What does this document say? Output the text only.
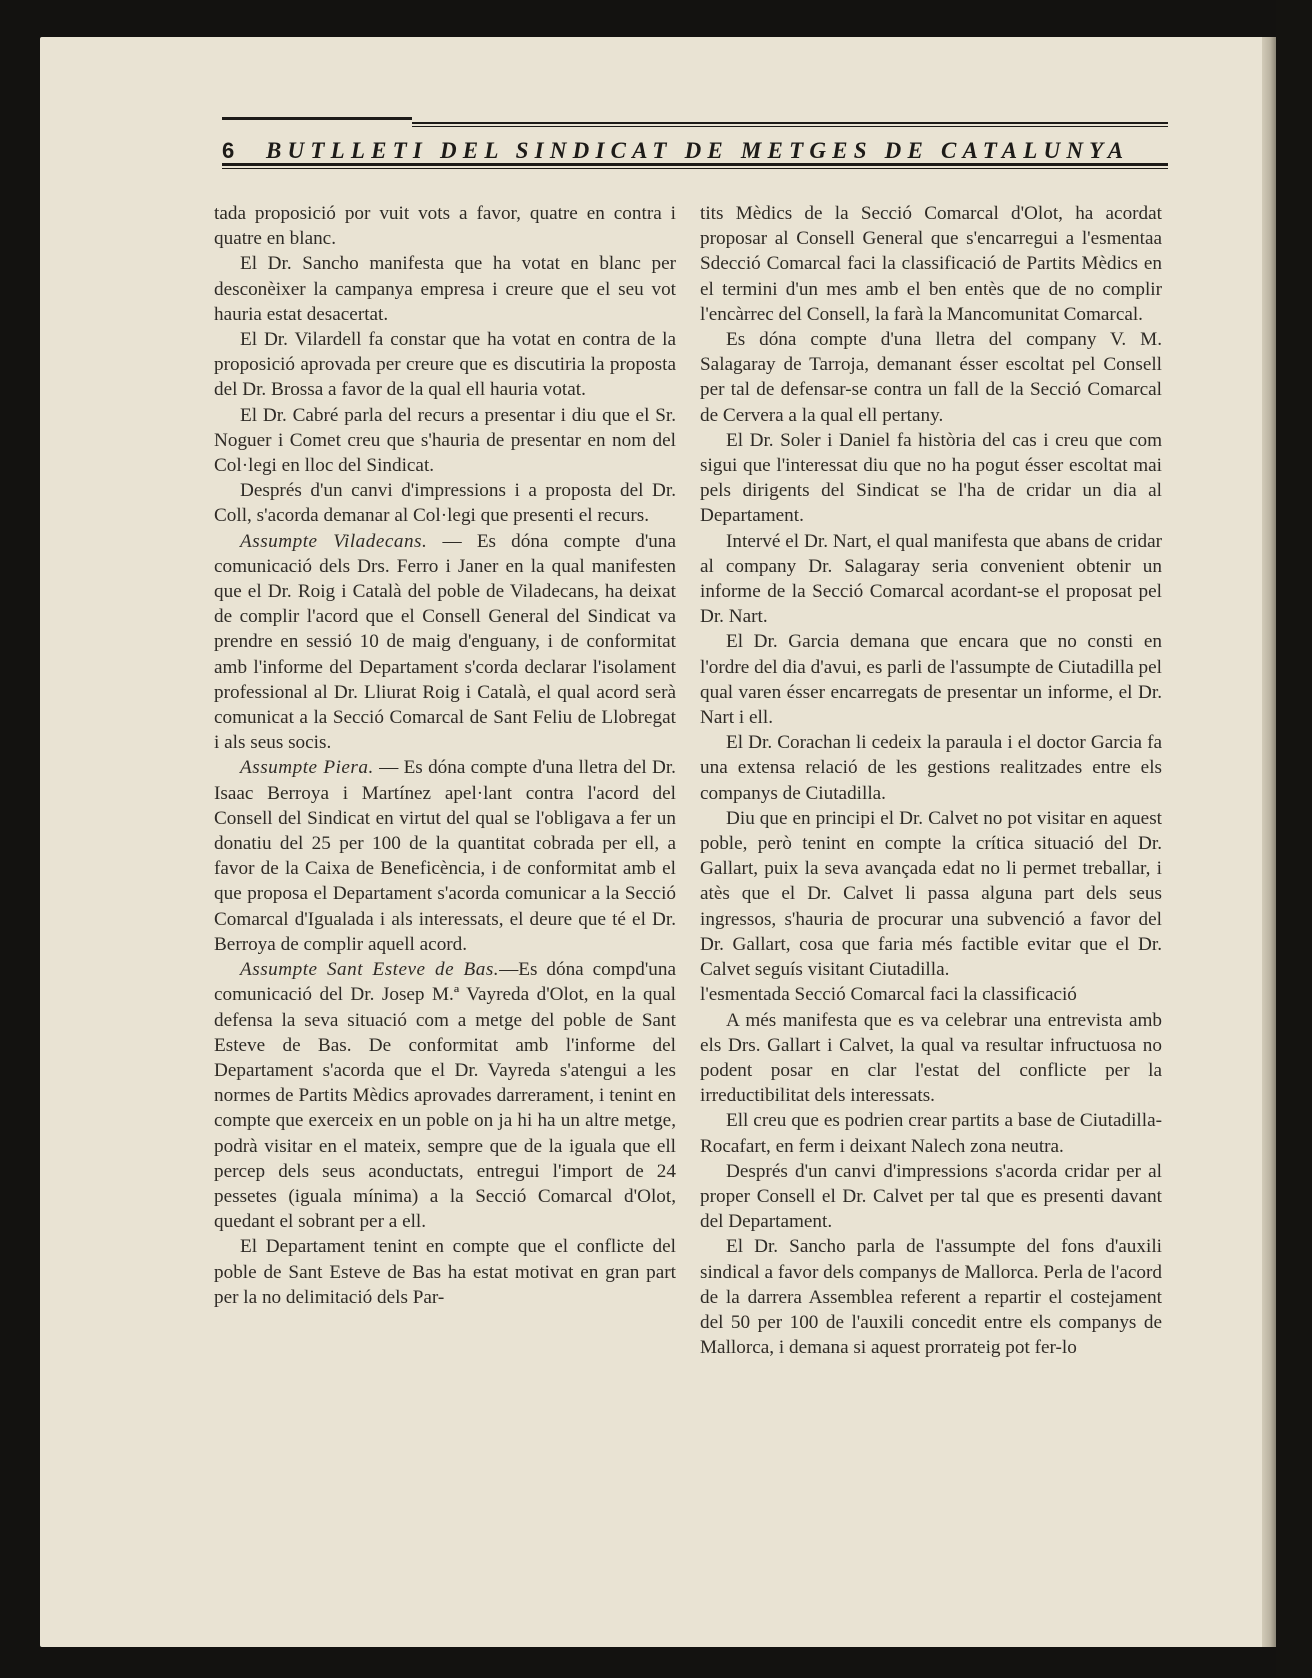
6	BUTLLETI DEL SINDICAT DE METGES DE CATALUNYA

tada proposició por vuit vots a favor, quatre en contra i quatre en blanc.

El Dr. Sancho manifesta que ha votat en blanc per desconèixer la campanya empresa i creure que el seu vot hauria estat desacertat.

El Dr. Vilardell fa constar que ha votat en contra de la proposició aprovada per creure que es discutiria la proposta del Dr. Brossa a favor de la qual ell hauria votat.

El Dr. Cabré parla del recurs a presentar i diu que el Sr. Noguer i Comet creu que s'hauria de presentar en nom del Col·legi en lloc del Sindicat.

Després d'un canvi d'impressions i a proposta del Dr. Coll, s'acorda demanar al Col·legi que presenti el recurs.

Assumpte Viladecans. — Es dóna compte d'una comunicació dels Drs. Ferro i Janer en la qual manifesten que el Dr. Roig i Català del poble de Viladecans, ha deixat de complir l'acord que el Consell General del Sindicat va prendre en sessió 10 de maig d'enguany, i de conformitat amb l'informe del Departament s'corda declarar l'isolament professional al Dr. Lliurat Roig i Català, el qual acord serà comunicat a la Secció Comarcal de Sant Feliu de Llobregat i als seus socis.

Assumpte Piera. — Es dóna compte d'una lletra del Dr. Isaac Berroya i Martínez apel·lant contra l'acord del Consell del Sindicat en virtut del qual se l'obligava a fer un donatiu del 25 per 100 de la quantitat cobrada per ell, a favor de la Caixa de Beneficència, i de conformitat amb el que proposa el Departament s'acorda comunicar a la Secció Comarcal d'Igualada i als interessats, el deure que té el Dr. Berroya de complir aquell acord.

Assumpte Sant Esteve de Bas.—Es dóna compd'una comunicació del Dr. Josep M.ª Vayreda d'Olot, en la qual defensa la seva situació com a metge del poble de Sant Esteve de Bas. De conformitat amb l'informe del Departament s'acorda que el Dr. Vayreda s'atengui a les normes de Partits Mèdics aprovades darrerament, i tenint en compte que exerceix en un poble on ja hi ha un altre metge, podrà visitar en el mateix, sempre que de la iguala que ell percep dels seus aconductats, entregui l'import de 24 pessetes (iguala mínima) a la Secció Comarcal d'Olot, quedant el sobrant per a ell.

El Departament tenint en compte que el conflicte del poble de Sant Esteve de Bas ha estat motivat en gran part per la no delimitació dels Par-

tits Mèdics de la Secció Comarcal d'Olot, ha acordat proposar al Consell General que s'encarregui a l'esmentaa Sdecció Comarcal faci la classificació de Partits Mèdics en el termini d'un mes amb el ben entès que de no complir l'encàrrec del Consell, la farà la Mancomunitat Comarcal.

Es dóna compte d'una lletra del company V. M. Salagaray de Tarroja, demanant ésser escoltat pel Consell per tal de defensar-se contra un fall de la Secció Comarcal de Cervera a la qual ell pertany.

El Dr. Soler i Daniel fa història del cas i creu que com sigui que l'interessat diu que no ha pogut ésser escoltat mai pels dirigents del Sindicat se l'ha de cridar un dia al Departament.

Intervé el Dr. Nart, el qual manifesta que abans de cridar al company Dr. Salagaray seria convenient obtenir un informe de la Secció Comarcal acordant-se el proposat pel Dr. Nart.

El Dr. Garcia demana que encara que no consti en l'ordre del dia d'avui, es parli de l'assumpte de Ciutadilla pel qual varen ésser encarregats de presentar un informe, el Dr. Nart i ell.

El Dr. Corachan li cedeix la paraula i el doctor Garcia fa una extensa relació de les gestions realitzades entre els companys de Ciutadilla.

Diu que en principi el Dr. Calvet no pot visitar en aquest poble, però tenint en compte la crítica situació del Dr. Gallart, puix la seva avançada edat no li permet treballar, i atès que el Dr. Calvet li passa alguna part dels seus ingressos, s'hauria de procurar una subvenció a favor del Dr. Gallart, cosa que faria més factible evitar que el Dr. Calvet seguís visitant Ciutadilla.

l'esmentada Secció Comarcal faci la classificació

A més manifesta que es va celebrar una entrevista amb els Drs. Gallart i Calvet, la qual va resultar infructuosa no podent posar en clar l'estat del conflicte per la irreductibilitat dels interessats.

Ell creu que es podrien crear partits a base de Ciutadilla-Rocafart, en ferm i deixant Nalech zona neutra.

Després d'un canvi d'impressions s'acorda cridar per al proper Consell el Dr. Calvet per tal que es presenti davant del Departament.

El Dr. Sancho parla de l'assumpte del fons d'auxili sindical a favor dels companys de Mallorca. Perla de l'acord de la darrera Assemblea referent a repartir el costejament del 50 per 100 de l'auxili concedit entre els companys de Mallorca, i demana si aquest prorrateig pot fer-lo
